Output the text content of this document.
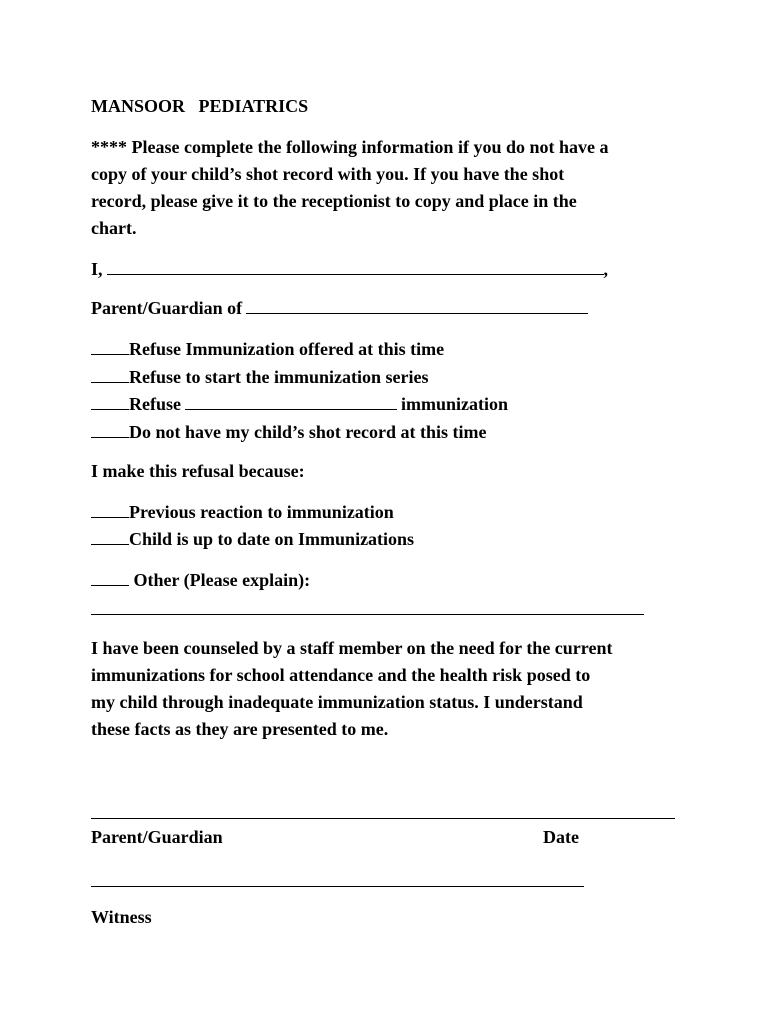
MANSOOR   PEDIATRICS
**** Please complete the following information if you do not have a
copy of your child’s shot record with you. If you have the shot
record, please give it to the receptionist to copy and place in the
chart.
I,	,
Parent/Guardian of
Refuse Immunization offered at this time
Refuse to start the immunization series
Refuse	immunization
Do not have my child’s shot record at this time
I make this refusal because:
Previous reaction to immunization
Child is up to date on Immunizations
Other (Please explain):
I have been counseled by a staff member on the need for the current
immunizations for school attendance and the health risk posed to
my child through inadequate immunization status. I understand
these facts as they are presented to me.
Parent/Guardian	Date
Witness
